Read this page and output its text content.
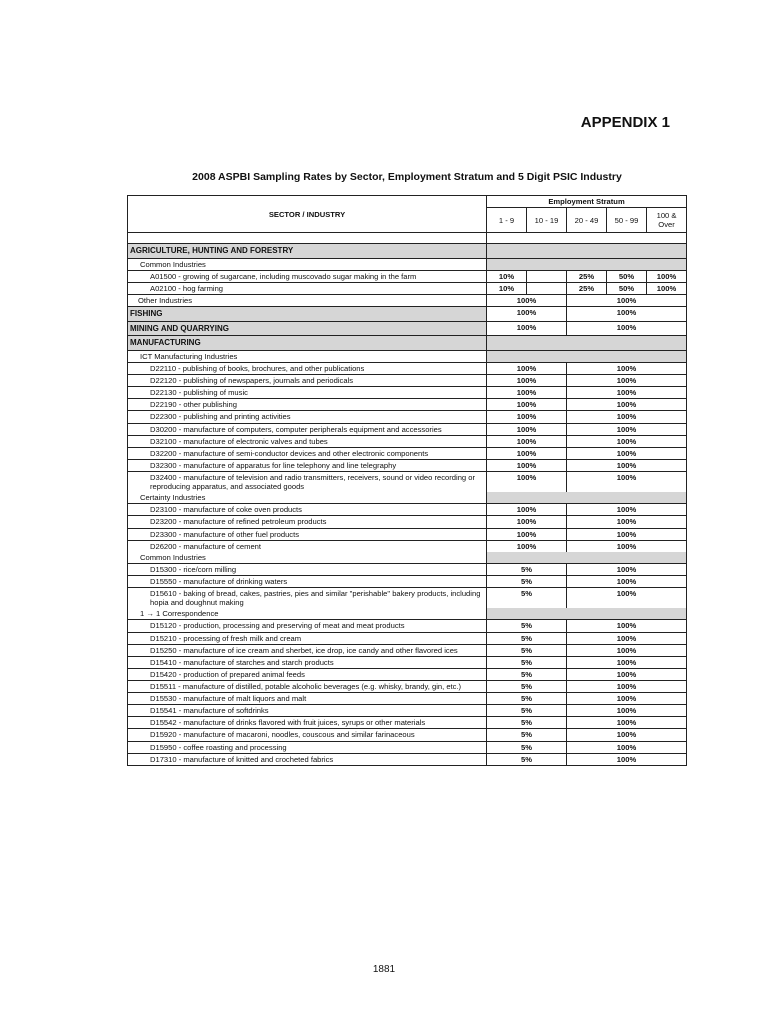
APPENDIX 1
2008 ASPBI Sampling Rates by Sector, Employment Stratum and 5 Digit PSIC Industry
SECTOR / INDUSTRY	Employment Stratum				
	1 - 9	10 - 19	20 - 49	50 - 99	100 & Over

AGRICULTURE, HUNTING AND FORESTRY					
Common Industries					
A01500 - growing of sugarcane, including muscovado sugar making in the farm	10%		25%	50%	100%
A02100 - hog farming	10%		25%	50%	100%
Other Industries	100%		100%		
FISHING	100%		100%		
MINING AND QUARRYING	100%		100%		
MANUFACTURING					
ICT Manufacturing Industries					
D22110 - publishing of books, brochures, and other publications	100%		100%		
D22120 - publishing of newspapers, journals and periodicals	100%		100%		
D22130 - publishing of music	100%		100%		
D22190 - other publishing	100%		100%		
D22300 - publishing and printing activities	100%		100%		
D30200 - manufacture of computers, computer peripherals equipment and accessories	100%		100%		
D32100 - manufacture of electronic valves and tubes	100%		100%		
D32200 - manufacture of semi-conductor devices and other electronic components	100%		100%		
D32300 - manufacture of apparatus for line telephony and line telegraphy	100%		100%		
D32400 - manufacture of television and radio transmitters, receivers, sound or video recording or reproducing apparatus, and associated goods	100%		100%		
Certainty Industries					
D23100 - manufacture of coke oven products	100%		100%		
D23200 - manufacture of refined petroleum products	100%		100%		
D23300 - manufacture of other fuel products	100%		100%		
D26200 - manufacture of cement	100%		100%		
Common Industries					
D15300 - rice/corn milling	5%		100%		
D15550 - manufacture of drinking waters	5%		100%		
D15610 - baking of bread, cakes, pastries, pies and similar "perishable" bakery products, including hopia and doughnut making	5%		100%		
1 → 1 Correspondence					
D15120 - production, processing and preserving of meat and meat products	5%		100%		
D15210 - processing of fresh milk and cream	5%		100%		
D15250 - manufacture of ice cream and sherbet, ice drop, ice candy and other flavored ices	5%		100%		
D15410 - manufacture of starches and starch products	5%		100%		
D15420 - production of prepared animal feeds	5%		100%		
D15511 - manufacture of distilled, potable alcoholic beverages (e.g. whisky, brandy, gin, etc.)	5%		100%		
D15530 - manufacture of malt liquors and malt	5%		100%		
D15541 - manufacture of softdrinks	5%		100%		
D15542 - manufacture of drinks flavored with fruit juices, syrups or other materials	5%		100%		
D15920 - manufacture of macaroni, noodles, couscous and similar farinaceous	5%		100%		
D15950 - coffee roasting and processing	5%		100%		
D17310 - manufacture of knitted and crocheted fabrics	5%		100%		
1881
